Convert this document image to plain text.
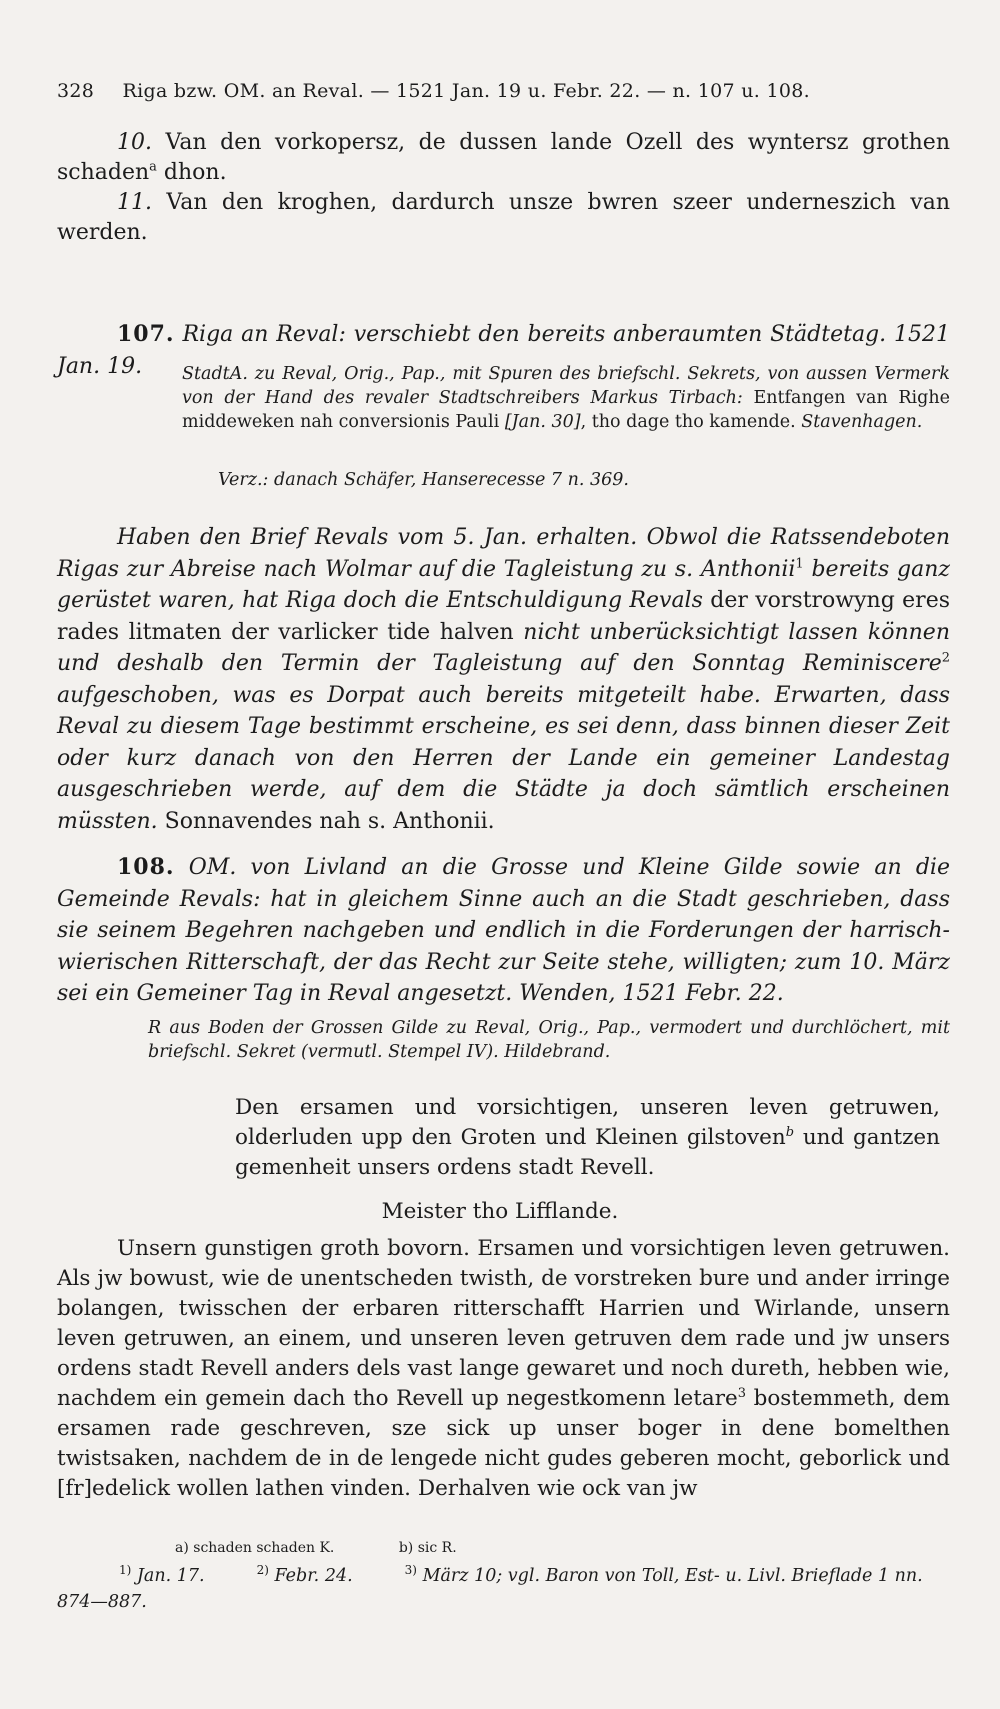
328 Riga bzw. OM. an Reval. — 1521 Jan. 19 u. Febr. 22. — n. 107 u. 108.
10. Van den vorkopersz, de dussen lande Ozell des wyntersz grothen schaden$^a$ dhon.
11. Van den kroghen, dardurch unsze bwren szeer underneszich van werden.
107. Riga an Reval: verschiebt den bereits anberaumten Städtetag. 1521 Jan. 19.	StadtA. zu Reval, Orig., Pap., mit Spuren des briefschl. Sekrets, von aussen Vermerk von der Hand des revaler Stadtschreibers Markus Tirbach: Entfangen van Righe middeweken nah conversionis Pauli [Jan. 30], tho dage tho kamende. Stavenhagen.
Verz.: danach Schäfer, Hanserecesse 7 n. 369.
Haben den Brief Revals vom 5. Jan. erhalten. Obwol die Ratssendeboten Rigas zur Abreise nach Wolmar auf die Tagleistung zu s. Anthonii$^1$ bereits ganz gerüstet waren, hat Riga doch die Entschuldigung Revals der vorstrowyng eres rades litmaten der varlicker tide halven nicht unberücksichtigt lassen können und deshalb den Termin der Tagleistung auf den Sonntag Reminiscere$^2$ aufgeschoben, was es Dorpat auch bereits mitgeteilt habe. Erwarten, dass Reval zu diesem Tage bestimmt erscheine, es sei denn, dass binnen dieser Zeit oder kurz danach von den Herren der Lande ein gemeiner Landestag ausgeschrieben werde, auf dem die Städte ja doch sämtlich erscheinen müssten. Sonnavendes nah s. Anthonii.
108. OM. von Livland an die Grosse und Kleine Gilde sowie an die Gemeinde Revals: hat in gleichem Sinne auch an die Stadt geschrieben, dass sie seinem Begehren nachgeben und endlich in die Forderungen der harrisch-wierischen Ritterschaft, der das Recht zur Seite stehe, willigten; zum 10. März sei ein Gemeiner Tag in Reval angesetzt. Wenden, 1521 Febr. 22.
R aus Boden der Grossen Gilde zu Reval, Orig., Pap., vermodert und durchlöchert, mit briefschl. Sekret (vermutl. Stempel IV). Hildebrand.
Den ersamen und vorsichtigen, unseren leven getruwen, olderluden upp den Groten und Kleinen gilstoven$^b$ und gantzen gemenheit unsers ordens stadt Revell.
Meister tho Lifflande.
Unsern gunstigen groth bovorn. Ersamen und vorsichtigen leven getruwen. Als jw bowust, wie de unentscheden twisth, de vorstreken bure und ander irringe bolangen, twisschen der erbaren ritterschafft Harrien und Wirlande, unsern leven getruwen, an einem, und unseren leven getruven dem rade und jw unsers ordens stadt Revell anders dels vast lange gewaret und noch dureth, hebben wie, nachdem ein gemein dach tho Revell up negestkomenn letare$^3$ bostemmeth, dem ersamen rade geschreven, sze sick up unser boger in dene bomelthen twistsaken, nachdem de in de lengede nicht gudes geberen mocht, geborlick und [fr]edelick wollen lathen vinden. Derhalven wie ock van jw
a) schaden schaden K.	b) sic R.
$^{1)}$ Jan. 17.	$^{2)}$ Febr. 24.	$^{3)}$ März 10; vgl. Baron von Toll, Est- u. Livl. Brieflade 1 nn. 874—887.
